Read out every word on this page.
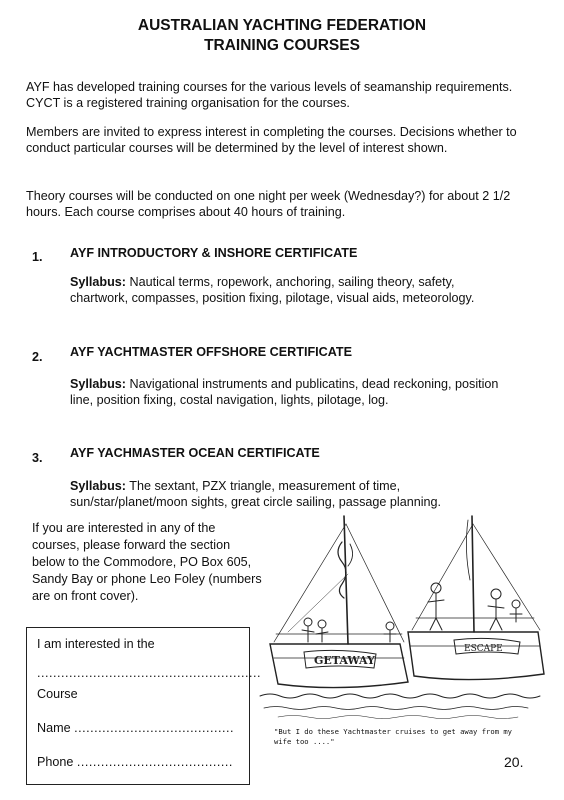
AUSTRALIAN YACHTING FEDERATION
TRAINING COURSES
AYF has developed training courses for the various levels of seamanship requirements. CYCT is a registered training organisation for the courses.
Members are invited to express interest in completing the courses. Decisions whether to conduct particular courses will be determined by the level of interest shown.
Theory courses will be conducted on one night per week (Wednesday?) for about 2 1/2 hours. Each course comprises about 40 hours of training.
1. AYF INTRODUCTORY & INSHORE CERTIFICATE
Syllabus: Nautical terms, ropework, anchoring, sailing theory, safety, chartwork, compasses, position fixing, pilotage, visual aids, meteorology.
2. AYF YACHTMASTER OFFSHORE CERTIFICATE
Syllabus: Navigational instruments and publicatins, dead reckoning, position line, position fixing, costal navigation, lights, pilotage, log.
3. AYF YACHMASTER OCEAN CERTIFICATE
Syllabus: The sextant, PZX triangle, measurement of time, sun/star/planet/moon sights, great circle sailing, passage planning.
If you are interested in any of the courses, please forward the section below to the Commodore, PO Box 605, Sandy Bay or phone Leo Foley (numbers are on front cover).
I am interested in the
........................................................
Course
Name ........................................
Phone .......................................
GETAWAY
ESCAPE
"But I do these Yachtmaster cruises to get away from my wife too ...."
20.
